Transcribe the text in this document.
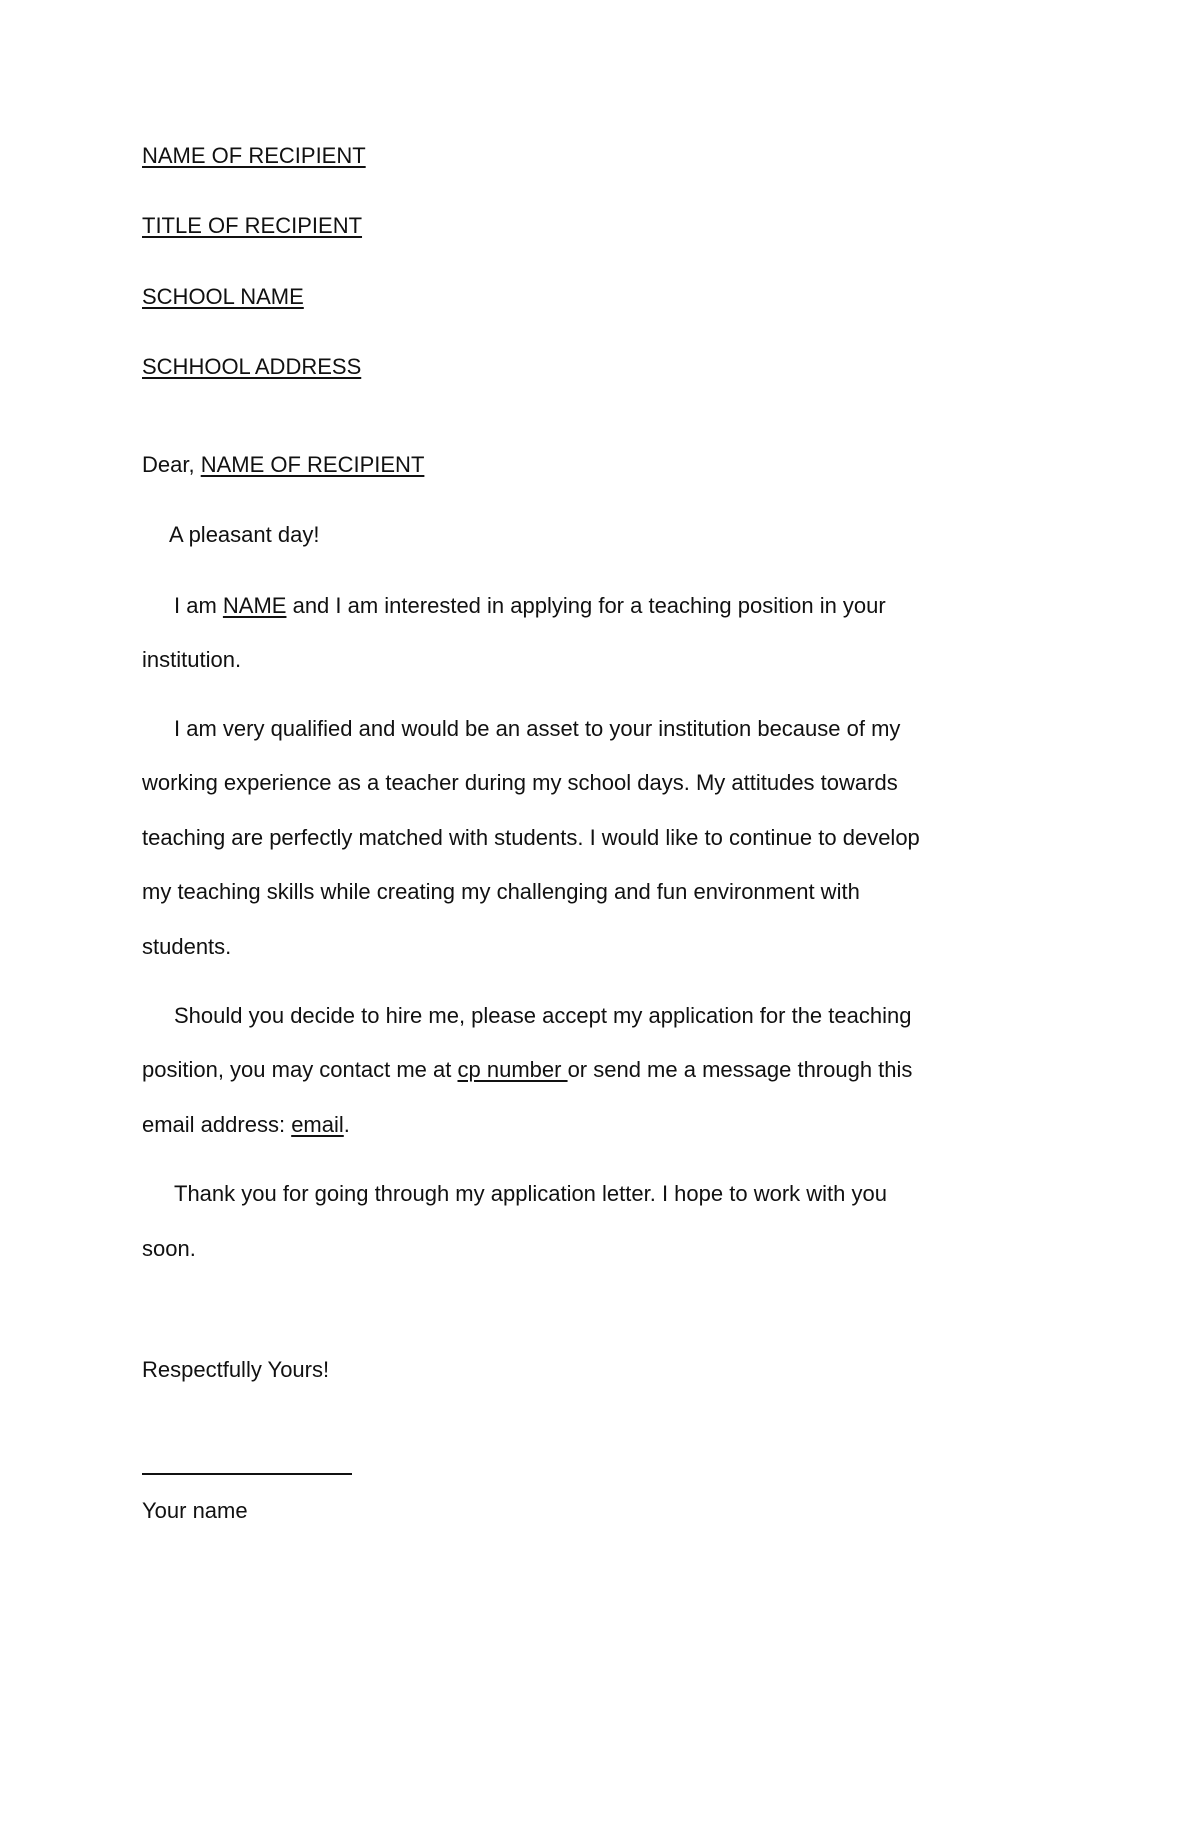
NAME OF RECIPIENT
TITLE OF RECIPIENT
SCHOOL NAME
SCHHOOL ADDRESS
Dear, NAME OF RECIPIENT
A pleasant day!
I am NAME and I am interested in applying for a teaching position in your
institution.
I am very qualified and would be an asset to your institution because of my
working experience as a teacher during my school days. My attitudes towards
teaching are perfectly matched with students. I would like to continue to develop
my teaching skills while creating my challenging and fun environment with
students.
Should you decide to hire me, please accept my application for the teaching
position, you may contact me at cp number or send me a message through this
email address: email.
Thank you for going through my application letter. I hope to work with you
soon.
Respectfully Yours!
Your name
